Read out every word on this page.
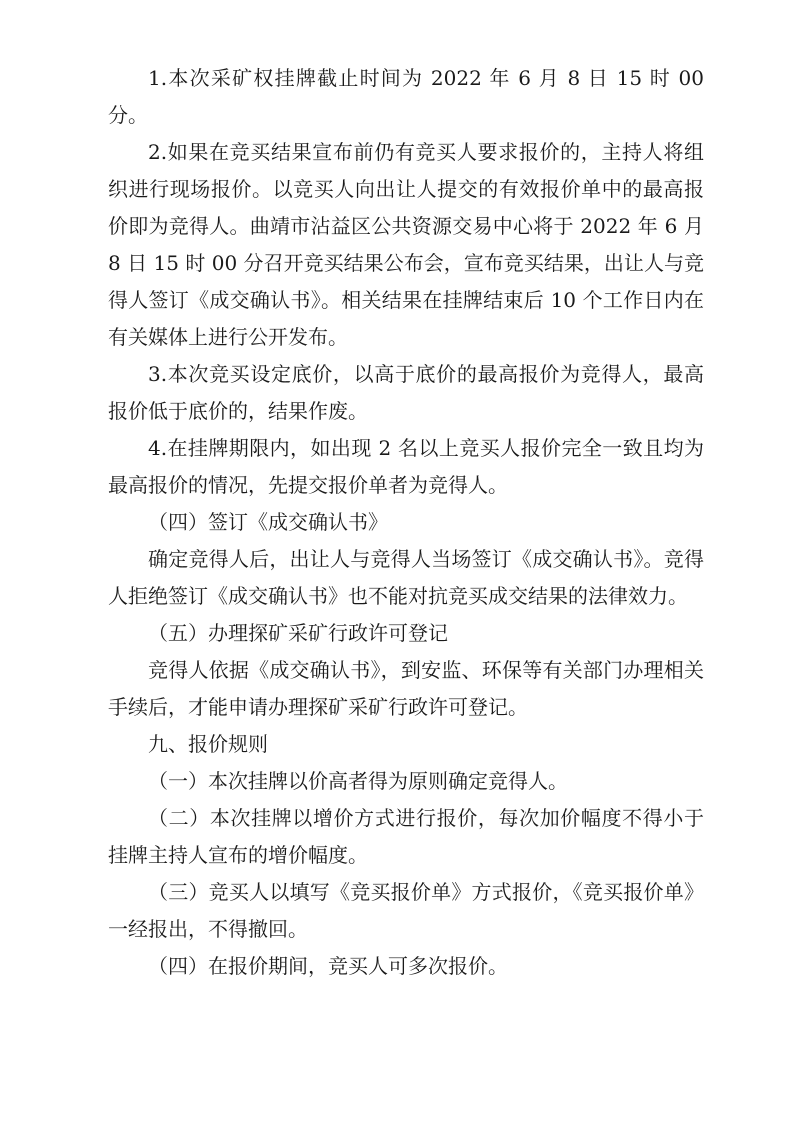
1.本次采矿权挂牌截止时间为 2022 年 6 月 8 日 15 时 00 分。

2.如果在竞买结果宣布前仍有竞买人要求报价的，主持人将组织进行现场报价。以竞买人向出让人提交的有效报价单中的最高报价即为竞得人。曲靖市沾益区公共资源交易中心将于 2022 年 6 月 8 日 15 时 00 分召开竞买结果公布会，宣布竞买结果，出让人与竞得人签订《成交确认书》。相关结果在挂牌结束后 10 个工作日内在有关媒体上进行公开发布。

3.本次竞买设定底价，以高于底价的最高报价为竞得人，最高报价低于底价的，结果作废。

4.在挂牌期限内，如出现 2 名以上竞买人报价完全一致且均为最高报价的情况，先提交报价单者为竞得人。

（四）签订《成交确认书》

确定竞得人后，出让人与竞得人当场签订《成交确认书》。竞得人拒绝签订《成交确认书》也不能对抗竞买成交结果的法律效力。

（五）办理探矿采矿行政许可登记

竞得人依据《成交确认书》，到安监、环保等有关部门办理相关手续后，才能申请办理探矿采矿行政许可登记。

九、报价规则

（一）本次挂牌以价高者得为原则确定竞得人。

（二）本次挂牌以增价方式进行报价，每次加价幅度不得小于挂牌主持人宣布的增价幅度。

（三）竞买人以填写《竞买报价单》方式报价，《竞买报价单》一经报出，不得撤回。

（四）在报价期间，竞买人可多次报价。
